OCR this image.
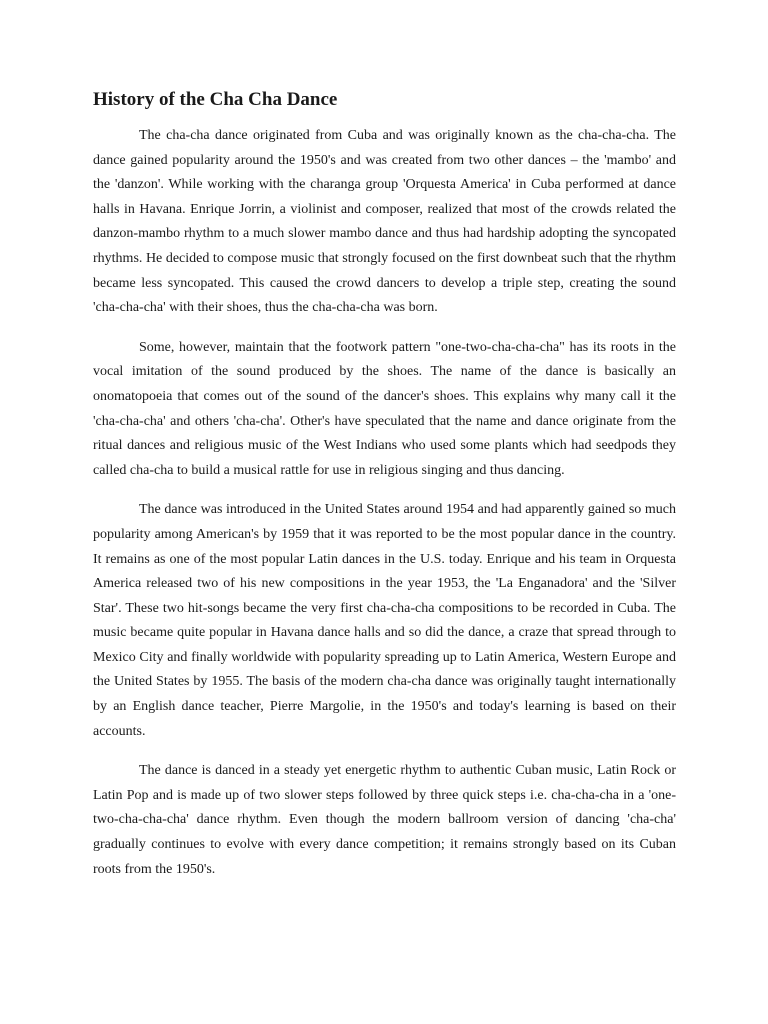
History of the Cha Cha Dance

The cha-cha dance originated from Cuba and was originally known as the cha-cha-cha. The dance gained popularity around the 1950's and was created from two other dances – the 'mambo' and the 'danzon'. While working with the charanga group 'Orquesta America' in Cuba performed at dance halls in Havana. Enrique Jorrin, a violinist and composer, realized that most of the crowds related the danzon-mambo rhythm to a much slower mambo dance and thus had hardship adopting the syncopated rhythms. He decided to compose music that strongly focused on the first downbeat such that the rhythm became less syncopated. This caused the crowd dancers to develop a triple step, creating the sound 'cha-cha-cha' with their shoes, thus the cha-cha-cha was born.

Some, however, maintain that the footwork pattern "one-two-cha-cha-cha" has its roots in the vocal imitation of the sound produced by the shoes. The name of the dance is basically an onomatopoeia that comes out of the sound of the dancer's shoes. This explains why many call it the 'cha-cha-cha' and others 'cha-cha'. Other's have speculated that the name and dance originate from the ritual dances and religious music of the West Indians who used some plants which had seedpods they called cha-cha to build a musical rattle for use in religious singing and thus dancing.

The dance was introduced in the United States around 1954 and had apparently gained so much popularity among American's by 1959 that it was reported to be the most popular dance in the country. It remains as one of the most popular Latin dances in the U.S. today. Enrique and his team in Orquesta America released two of his new compositions in the year 1953, the 'La Enganadora' and the 'Silver Star'. These two hit-songs became the very first cha-cha-cha compositions to be recorded in Cuba. The music became quite popular in Havana dance halls and so did the dance, a craze that spread through to Mexico City and finally worldwide with popularity spreading up to Latin America, Western Europe and the United States by 1955. The basis of the modern cha-cha dance was originally taught internationally by an English dance teacher, Pierre Margolie, in the 1950's and today's learning is based on their accounts.

The dance is danced in a steady yet energetic rhythm to authentic Cuban music, Latin Rock or Latin Pop and is made up of two slower steps followed by three quick steps i.e. cha-cha-cha in a 'one-two-cha-cha-cha' dance rhythm. Even though the modern ballroom version of dancing 'cha-cha' gradually continues to evolve with every dance competition; it remains strongly based on its Cuban roots from the 1950's.
